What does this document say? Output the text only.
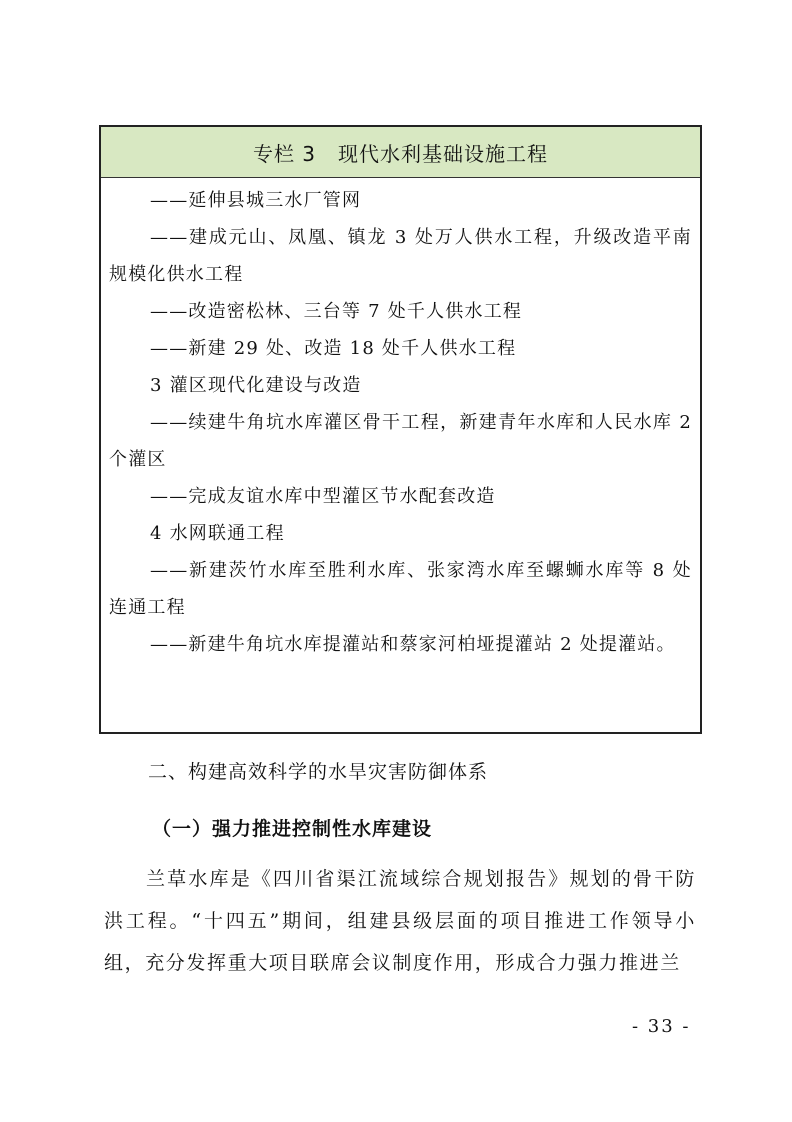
专栏 3 现代水利基础设施工程

——延伸县城三水厂管网

——建成元山、凤凰、镇龙 3 处万人供水工程，升级改造平南规模化供水工程

——改造密松林、三台等 7 处千人供水工程

——新建 29 处、改造 18 处千人供水工程

3 灌区现代化建设与改造

——续建牛角坑水库灌区骨干工程，新建青年水库和人民水库 2 个灌区

——完成友谊水库中型灌区节水配套改造

4 水网联通工程

——新建茨竹水库至胜利水库、张家湾水库至螺蛳水库等 8 处连通工程

——新建牛角坑水库提灌站和蔡家河柏垭提灌站 2 处提灌站。

二、构建高效科学的水旱灾害防御体系
（一）强力推进控制性水库建设

兰草水库是《四川省渠江流域综合规划报告》规划的骨干防洪工程。“十四五”期间，组建县级层面的项目推进工作领导小组，充分发挥重大项目联席会议制度作用，形成合力强力推进兰

- 33 -
